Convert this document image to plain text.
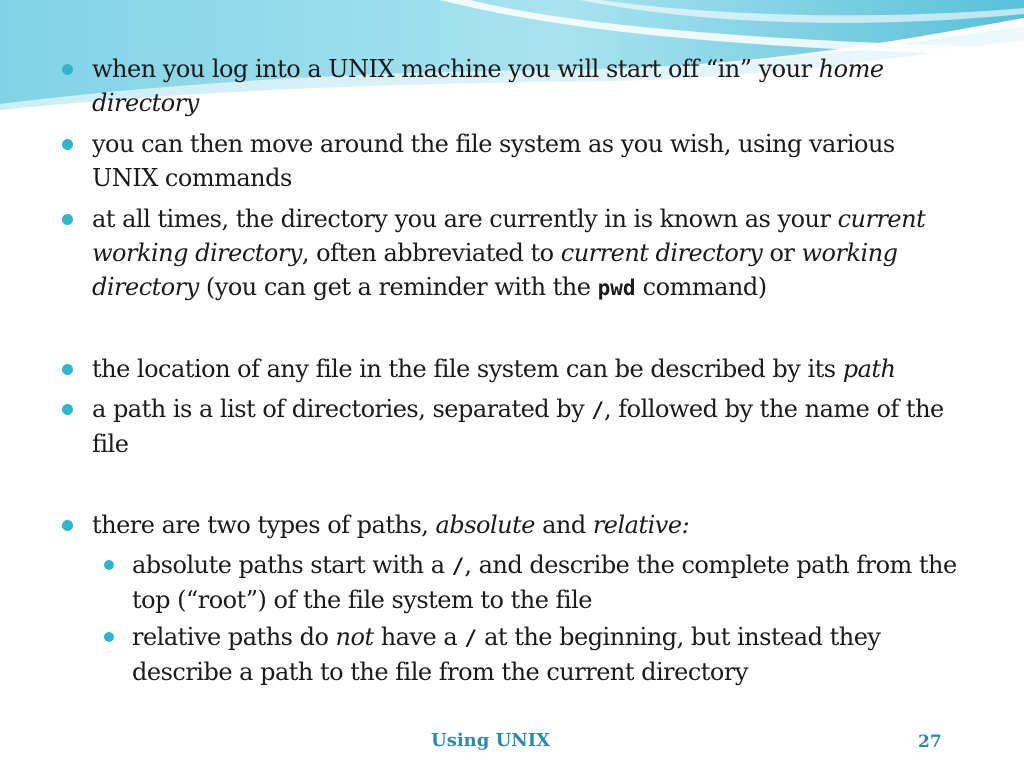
when you log into a UNIX machine you will start off “in” your home directory
you can then move around the file system as you wish, using various UNIX commands
at all times, the directory you are currently in is known as your current working directory, often abbreviated to current directory or working directory (you can get a reminder with the pwd command)
the location of any file in the file system can be described by its path
a path is a list of directories, separated by /, followed by the name of the file
there are two types of paths, absolute and relative:
absolute paths start with a /, and describe the complete path from the top (“root”) of the file system to the file
relative paths do not have a / at the beginning, but instead they describe a path to the file from the current directory
Using UNIX	27
